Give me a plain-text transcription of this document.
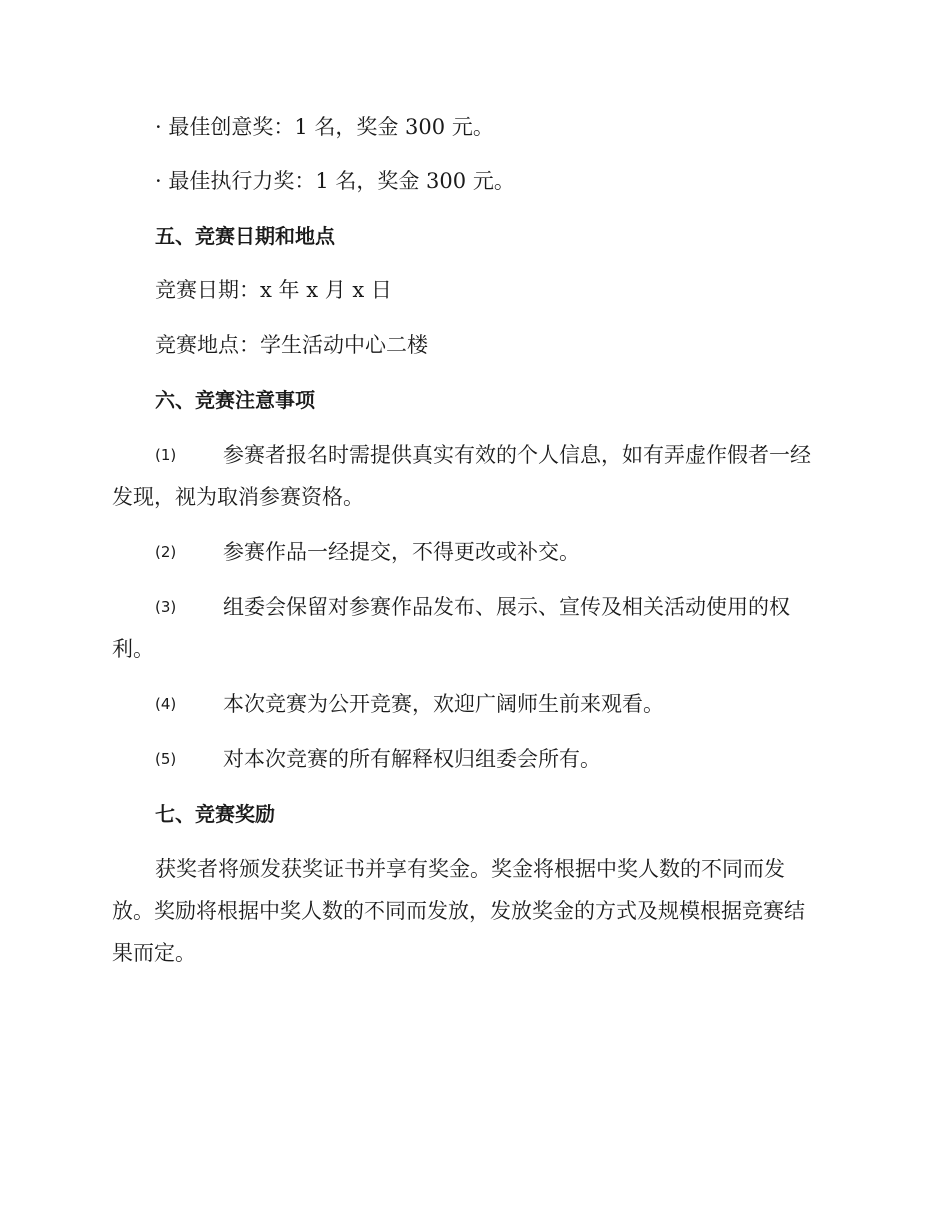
· 最佳创意奖：1 名，奖金 300 元。
· 最佳执行力奖：1 名，奖金 300 元。
五、竞赛日期和地点
竞赛日期：x 年 x 月 x 日
竞赛地点：学生活动中心二楼
六、竞赛注意事项
(1) 参赛者报名时需提供真实有效的个人信息，如有弄虚作假者一经
发现，视为取消参赛资格。
(2) 参赛作品一经提交，不得更改或补交。
(3) 组委会保留对参赛作品发布、展示、宣传及相关活动使用的权
利。
(4) 本次竞赛为公开竞赛，欢迎广阔师生前来观看。
(5) 对本次竞赛的所有解释权归组委会所有。
七、竞赛奖励
获奖者将颁发获奖证书并享有奖金。奖金将根据中奖人数的不同而发
放。奖励将根据中奖人数的不同而发放，发放奖金的方式及规模根据竞赛结
果而定。
